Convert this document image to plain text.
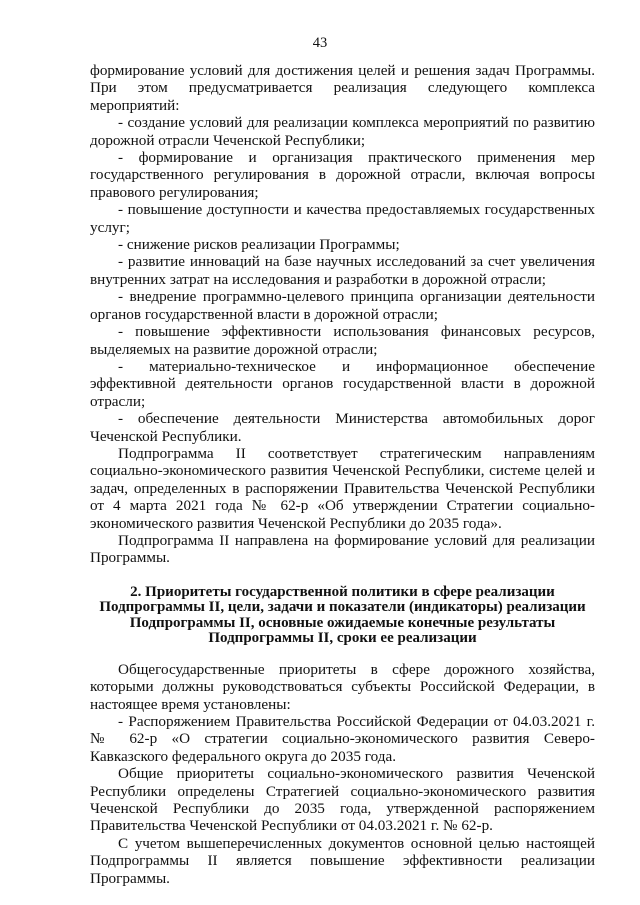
43

формирование условий для достижения целей и решения задач Программы. При этом предусматривается реализация следующего комплекса мероприятий:

- создание условий для реализации комплекса мероприятий по развитию дорожной отрасли Чеченской Республики;

- формирование и организация практического применения мер государственного регулирования в дорожной отрасли, включая вопросы правового регулирования;

- повышение доступности и качества предоставляемых государственных услуг;

- снижение рисков реализации Программы;

- развитие инноваций на базе научных исследований за счет увеличения внутренних затрат на исследования и разработки в дорожной отрасли;

- внедрение программно-целевого принципа организации деятельности органов государственной власти в дорожной отрасли;

- повышение эффективности использования финансовых ресурсов, выделяемых на развитие дорожной отрасли;

- материально-техническое и информационное обеспечение эффективной деятельности органов государственной власти в дорожной отрасли;

- обеспечение деятельности Министерства автомобильных дорог Чеченской Республики.

Подпрограмма II соответствует стратегическим направлениям социально-экономического развития Чеченской Республики, системе целей и задач, определенных в распоряжении Правительства Чеченской Республики от 4 марта 2021 года № 62-р «Об утверждении Стратегии социально-экономического развития Чеченской Республики до 2035 года».

Подпрограмма II направлена на формирование условий для реализации Программы.

2. Приоритеты государственной политики в сфере реализации Подпрограммы II, цели, задачи и показатели (индикаторы) реализации Подпрограммы II, основные ожидаемые конечные результаты Подпрограммы II, сроки ее реализации

Общегосударственные приоритеты в сфере дорожного хозяйства, которыми должны руководствоваться субъекты Российской Федерации, в настоящее время установлены:

- Распоряжением Правительства Российской Федерации от 04.03.2021 г. № 62-р «О стратегии социально-экономического развития Северо-Кавказского федерального округа до 2035 года.

Общие приоритеты социально-экономического развития Чеченской Республики определены Стратегией социально-экономического развития Чеченской Республики до 2035 года, утвержденной распоряжением Правительства Чеченской Республики от 04.03.2021 г. № 62-р.

С учетом вышеперечисленных документов основной целью настоящей Подпрограммы II является повышение эффективности реализации Программы.
